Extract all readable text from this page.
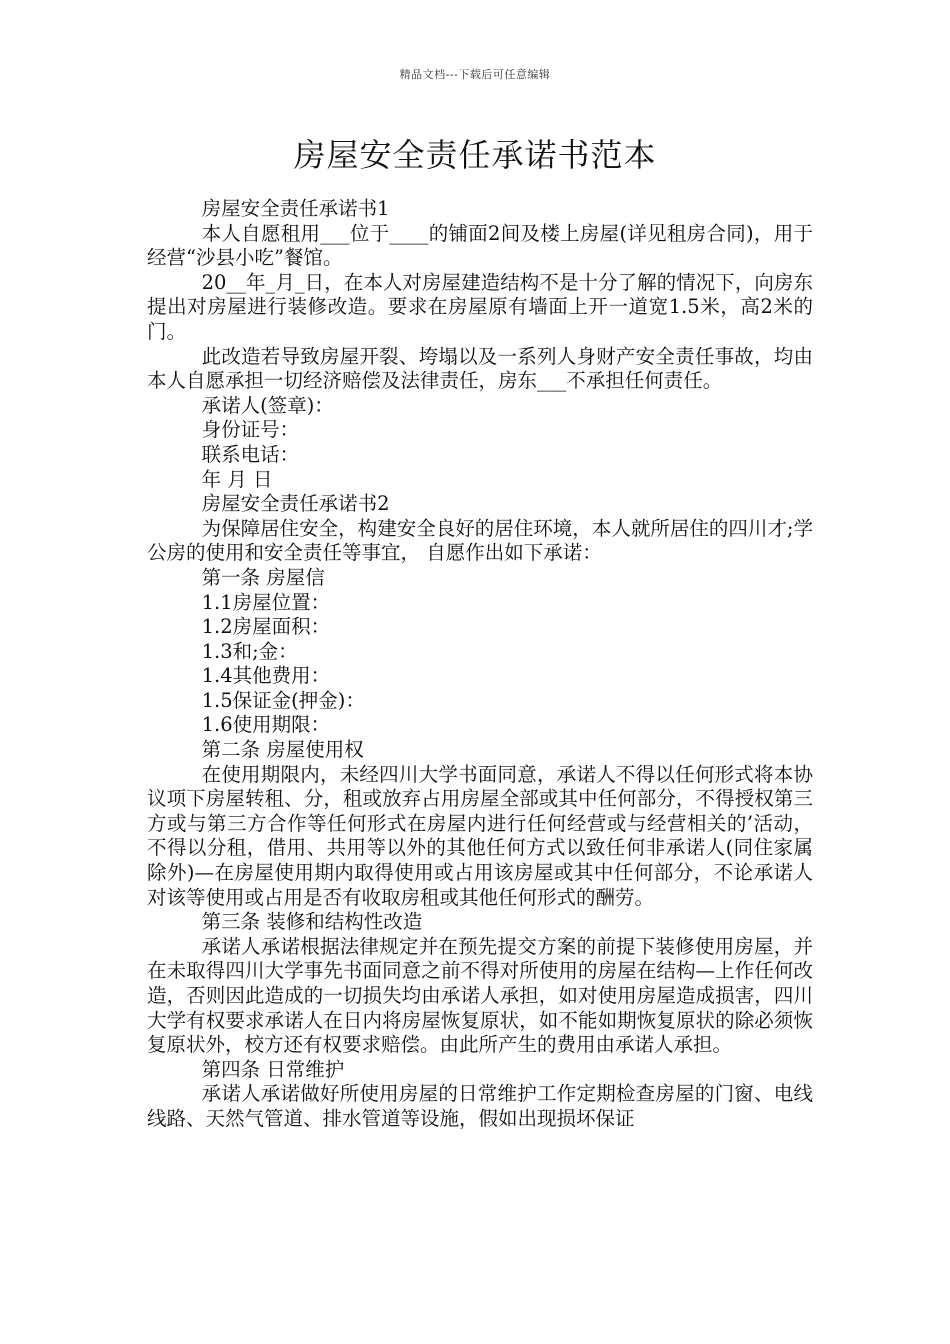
精品文档---下载后可任意编辑
房屋安全责任承诺书范本

房屋安全责任承诺书1

本人自愿租用___位于____的铺面2间及楼上房屋(详见租房合同)，用于经营“沙县小吃”餐馆。

20__年_月_日，在本人对房屋建造结构不是十分了解的情况下，向房东提出对房屋进行装修改造。要求在房屋原有墙面上开一道宽1.5米，高2米的门。

此改造若导致房屋开裂、垮塌以及一系列人身财产安全责任事故，均由本人自愿承担一切经济赔偿及法律责任，房东___不承担任何责任。

承诺人(签章)：

身份证号：

联系电话：

年 月 日

房屋安全责任承诺书2

为保障居住安全，构建安全良好的居住环境，本人就所居住的四川才;学公房的使用和安全责任等事宜， 自愿作出如下承诺：

第一条 房屋信

1.1房屋位置：

1.2房屋面积：

1.3和;金：

1.4其他费用：

1.5保证金(押金)：

1.6使用期限：

第二条 房屋使用权

在使用期限内，未经四川大学书面同意，承诺人不得以任何形式将本协议项下房屋转租、分，租或放弃占用房屋全部或其中任何部分，不得授权第三方或与第三方合作等任何形式在房屋内进行任何经营或与经营相关的’活动，不得以分租，借用、共用等以外的其他任何方式以致任何非承诺人(同住家属除外)—在房屋使用期内取得使用或占用该房屋或其中任何部分，不论承诺人对该等使用或占用是否有收取房租或其他任何形式的酬劳。

第三条 装修和结构性改造

承诺人承诺根据法律规定并在预先提交方案的前提下装修使用房屋，并在未取得四川大学事先书面同意之前不得对所使用的房屋在结构—上作任何改造，否则因此造成的一切损失均由承诺人承担，如对使用房屋造成损害，四川大学有权要求承诺人在日内将房屋恢复原状，如不能如期恢复原状的除必须恢复原状外，校方还有权要求赔偿。由此所产生的费用由承诺人承担。

第四条 日常维护

承诺人承诺做好所使用房屋的日常维护工作定期检查房屋的门窗、电线线路、天然气管道、排水管道等设施，假如出现损坏保证
